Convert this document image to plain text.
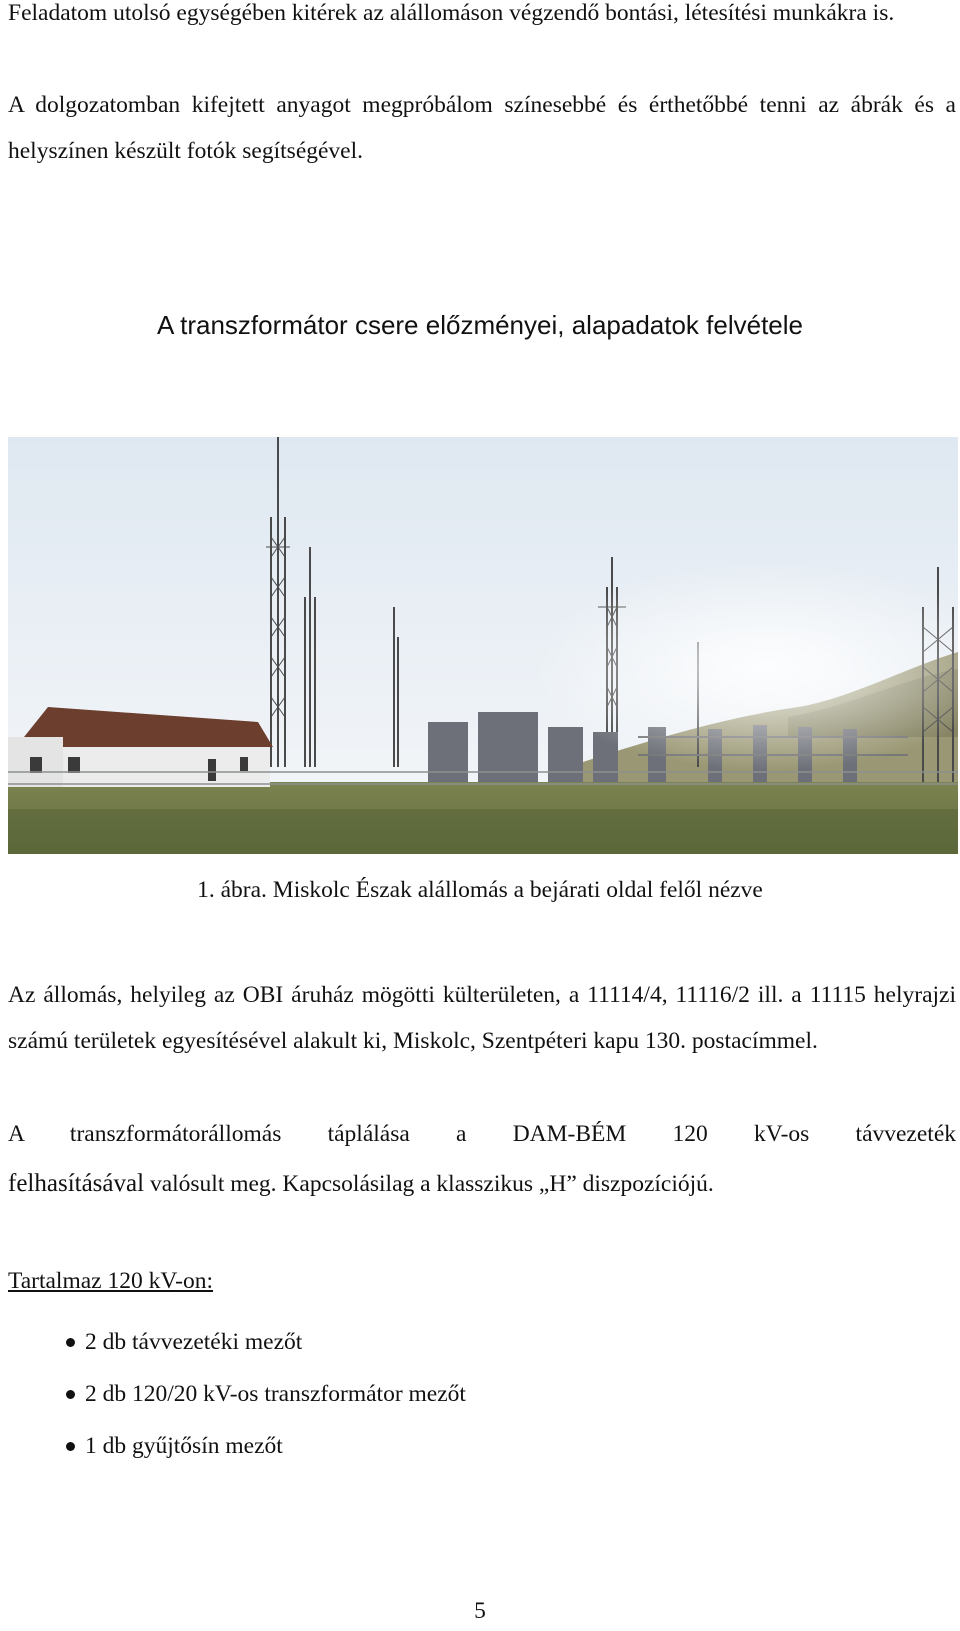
Feladatom utolsó egységében kitérek az alállomáson végzendő bontási, létesítési munkákra is.

A dolgozatomban kifejtett anyagot megpróbálom színesebbé és érthetőbbé tenni az ábrák és a helyszínen készült fotók segítségével.

A transzformátor csere előzményei, alapadatok felvétele

1. ábra. Miskolc Észak alállomás a bejárati oldal felől nézve

Az állomás, helyileg az OBI áruház mögötti külterületen, a 11114/4, 11116/2 ill. a 11115 helyrajzi számú területek egyesítésével alakult ki, Miskolc, Szentpéteri kapu 130. postacímmel.

A transzformátorállomás táplálása a DAM-BÉM 120 kV-os távvezeték
felhasításával valósult meg. Kapcsolásilag a klasszikus „H” diszpozíciójú.

Tartalmaz 120 kV-on:

2 db távvezetéki mezőt
2 db 120/20 kV-os transzformátor mezőt
1 db gyűjtősín mezőt

5
